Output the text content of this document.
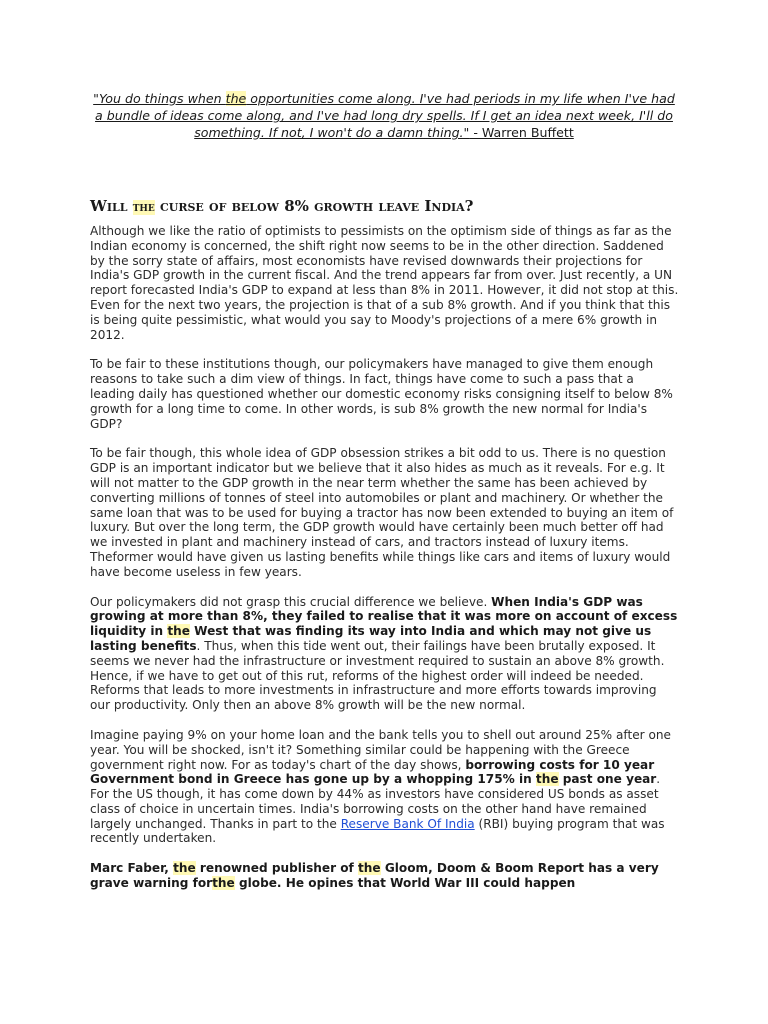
"You do things when the opportunities come along. I've had periods in my life when I've had a bundle of ideas come along, and I've had long dry spells. If I get an idea next week, I'll do something. If not, I won't do a damn thing." - Warren Buffett
Will the curse of below 8% growth leave India?

Although we like the ratio of optimists to pessimists on the optimism side of things as far as the Indian economy is concerned, the shift right now seems to be in the other direction. Saddened by the sorry state of affairs, most economists have revised downwards their projections for India's GDP growth in the current fiscal. And the trend appears far from over. Just recently, a UN report forecasted India's GDP to expand at less than 8% in 2011. However, it did not stop at this. Even for the next two years, the projection is that of a sub 8% growth. And if you think that this is being quite pessimistic, what would you say to Moody's projections of a mere 6% growth in 2012.

To be fair to these institutions though, our policymakers have managed to give them enough reasons to take such a dim view of things. In fact, things have come to such a pass that a leading daily has questioned whether our domestic economy risks consigning itself to below 8% growth for a long time to come. In other words, is sub 8% growth the new normal for India's GDP?

To be fair though, this whole idea of GDP obsession strikes a bit odd to us. There is no question GDP is an important indicator but we believe that it also hides as much as it reveals. For e.g. It will not matter to the GDP growth in the near term whether the same has been achieved by converting millions of tonnes of steel into automobiles or plant and machinery. Or whether the same loan that was to be used for buying a tractor has now been extended to buying an item of luxury. But over the long term, the GDP growth would have certainly been much better off had we invested in plant and machinery instead of cars, and tractors instead of luxury items. Theformer would have given us lasting benefits while things like cars and items of luxury would have become useless in few years.

Our policymakers did not grasp this crucial difference we believe. When India's GDP was growing at more than 8%, they failed to realise that it was more on account of excess liquidity in the West that was finding its way into India and which may not give us lasting benefits. Thus, when this tide went out, their failings have been brutally exposed. It seems we never had the infrastructure or investment required to sustain an above 8% growth. Hence, if we have to get out of this rut, reforms of the highest order will indeed be needed. Reforms that leads to more investments in infrastructure and more efforts towards improving our productivity. Only then an above 8% growth will be the new normal.

Imagine paying 9% on your home loan and the bank tells you to shell out around 25% after one year. You will be shocked, isn't it? Something similar could be happening with the Greece government right now. For as today's chart of the day shows, borrowing costs for 10 year Government bond in Greece has gone up by a whopping 175% in the past one year. For the US though, it has come down by 44% as investors have considered US bonds as asset class of choice in uncertain times. India's borrowing costs on the other hand have remained largely unchanged. Thanks in part to the Reserve Bank Of India (RBI) buying program that was recently undertaken.

Marc Faber, the renowned publisher of the Gloom, Doom & Boom Report has a very grave warning forthe globe. He opines that World War III could happen
